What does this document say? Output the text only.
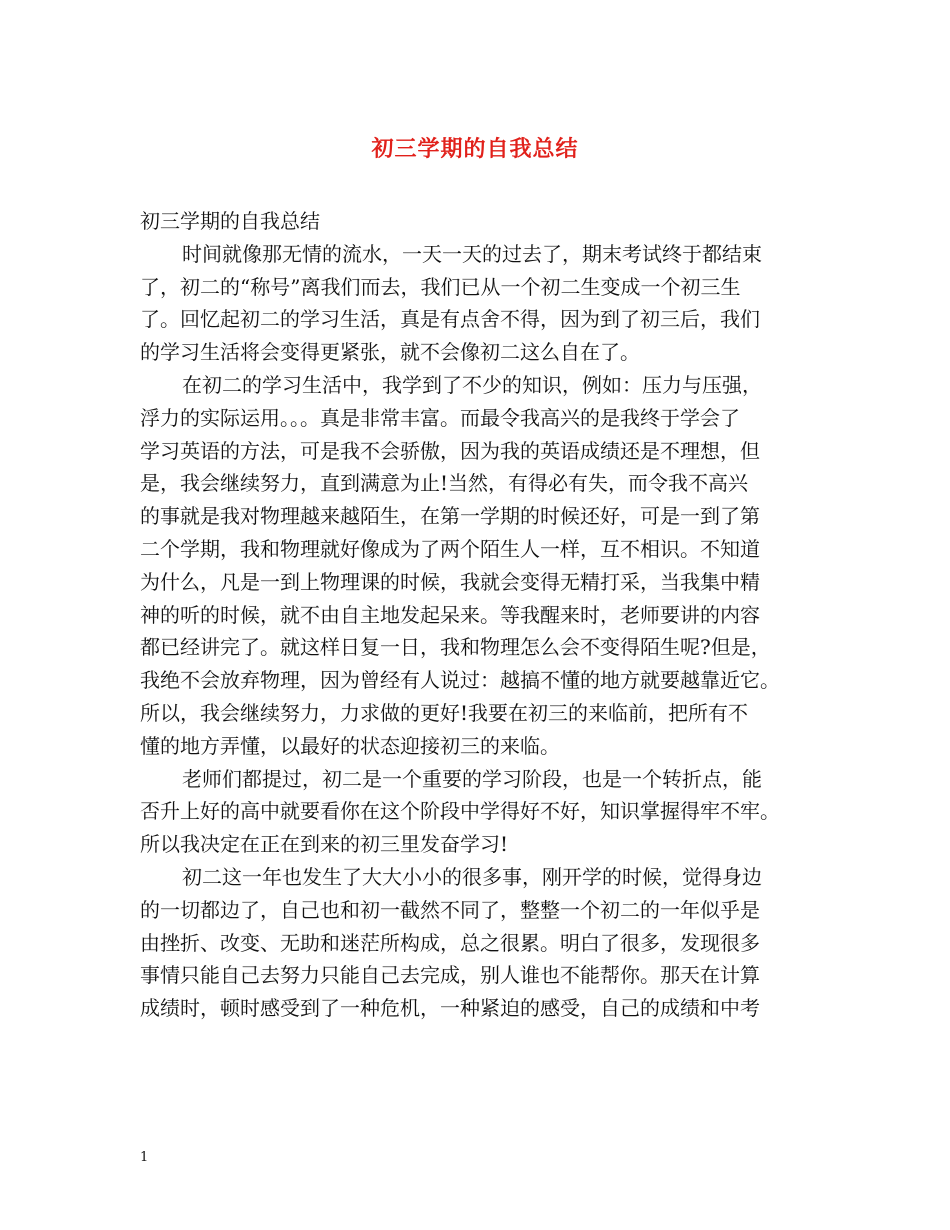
初三学期的自我总结
初三学期的自我总结
时间就像那无情的流水，一天一天的过去了，期末考试终于都结束
了，初二的“称号”离我们而去，我们已从一个初二生变成一个初三生
了。回忆起初二的学习生活，真是有点舍不得，因为到了初三后，我们
的学习生活将会变得更紧张，就不会像初二这么自在了。
在初二的学习生活中，我学到了不少的知识，例如：压力与压强，
浮力的实际运用。。。真是非常丰富。而最令我高兴的是我终于学会了
学习英语的方法，可是我不会骄傲，因为我的英语成绩还是不理想，但
是，我会继续努力，直到满意为止!当然，有得必有失，而令我不高兴
的事就是我对物理越来越陌生，在第一学期的时候还好，可是一到了第
二个学期，我和物理就好像成为了两个陌生人一样，互不相识。不知道
为什么，凡是一到上物理课的时候，我就会变得无精打采，当我集中精
神的听的时候，就不由自主地发起呆来。等我醒来时，老师要讲的内容
都已经讲完了。就这样日复一日，我和物理怎么会不变得陌生呢?但是，
我绝不会放弃物理，因为曾经有人说过：越搞不懂的地方就要越靠近它。
所以，我会继续努力，力求做的更好!我要在初三的来临前，把所有不
懂的地方弄懂，以最好的状态迎接初三的来临。
老师们都提过，初二是一个重要的学习阶段，也是一个转折点，能
否升上好的高中就要看你在这个阶段中学得好不好，知识掌握得牢不牢。
所以我决定在正在到来的初三里发奋学习!
初二这一年也发生了大大小小的很多事，刚开学的时候，觉得身边
的一切都边了，自己也和初一截然不同了，整整一个初二的一年似乎是
由挫折、改变、无助和迷茫所构成，总之很累。明白了很多，发现很多
事情只能自己去努力只能自己去完成，别人谁也不能帮你。那天在计算
成绩时，顿时感受到了一种危机，一种紧迫的感受，自己的成绩和中考
1
